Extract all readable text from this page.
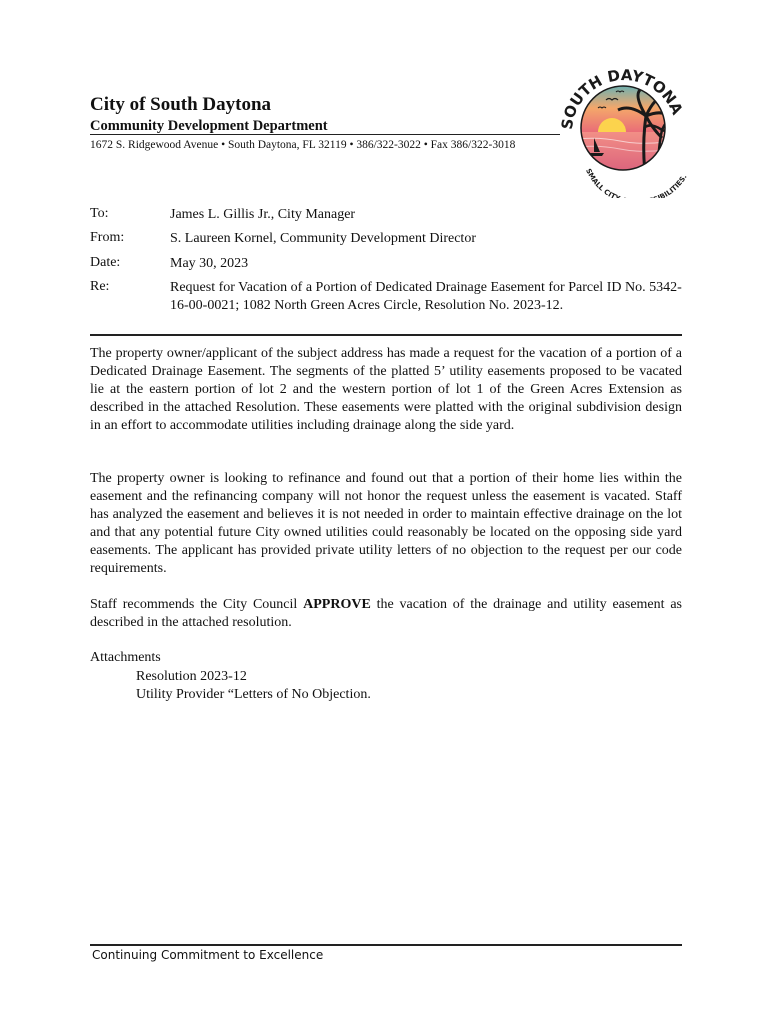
City of South Daytona
Community Development Department
1672 S. Ridgewood Avenue • South Daytona, FL 32119 • 386/322-3022 • Fax 386/322-3018
SOUTH DAYTONA
SMALL CIT BILITIES.
To:	James L. Gillis Jr., City Manager
From:	S. Laureen Kornel, Community Development Director
Date:	May 30, 2023
Re:	Request for Vacation of a Portion of Dedicated Drainage Easement for Parcel ID No. 5342-16-00-0021; 1082 North Green Acres Circle, Resolution No. 2023-12.

The property owner/applicant of the subject address has made a request for the vacation of a portion of a Dedicated Drainage Easement. The segments of the platted 5’ utility easements proposed to be vacated lie at the eastern portion of lot 2 and the western portion of lot 1 of the Green Acres Extension as described in the attached Resolution. These easements were platted with the original subdivision design in an effort to accommodate utilities including drainage along the side yard.

The property owner is looking to refinance and found out that a portion of their home lies within the easement and the refinancing company will not honor the request unless the easement is vacated. Staff has analyzed the easement and believes it is not needed in order to maintain effective drainage on the lot and that any potential future City owned utilities could reasonably be located on the opposing side yard easements. The applicant has provided private utility letters of no objection to the request per our code requirements.

Staff recommends the City Council APPROVE the vacation of the drainage and utility easement as described in the attached resolution.

Attachments
Resolution 2023-12
Utility Provider “Letters of No Objection.
Continuing Commitment to Excellence
